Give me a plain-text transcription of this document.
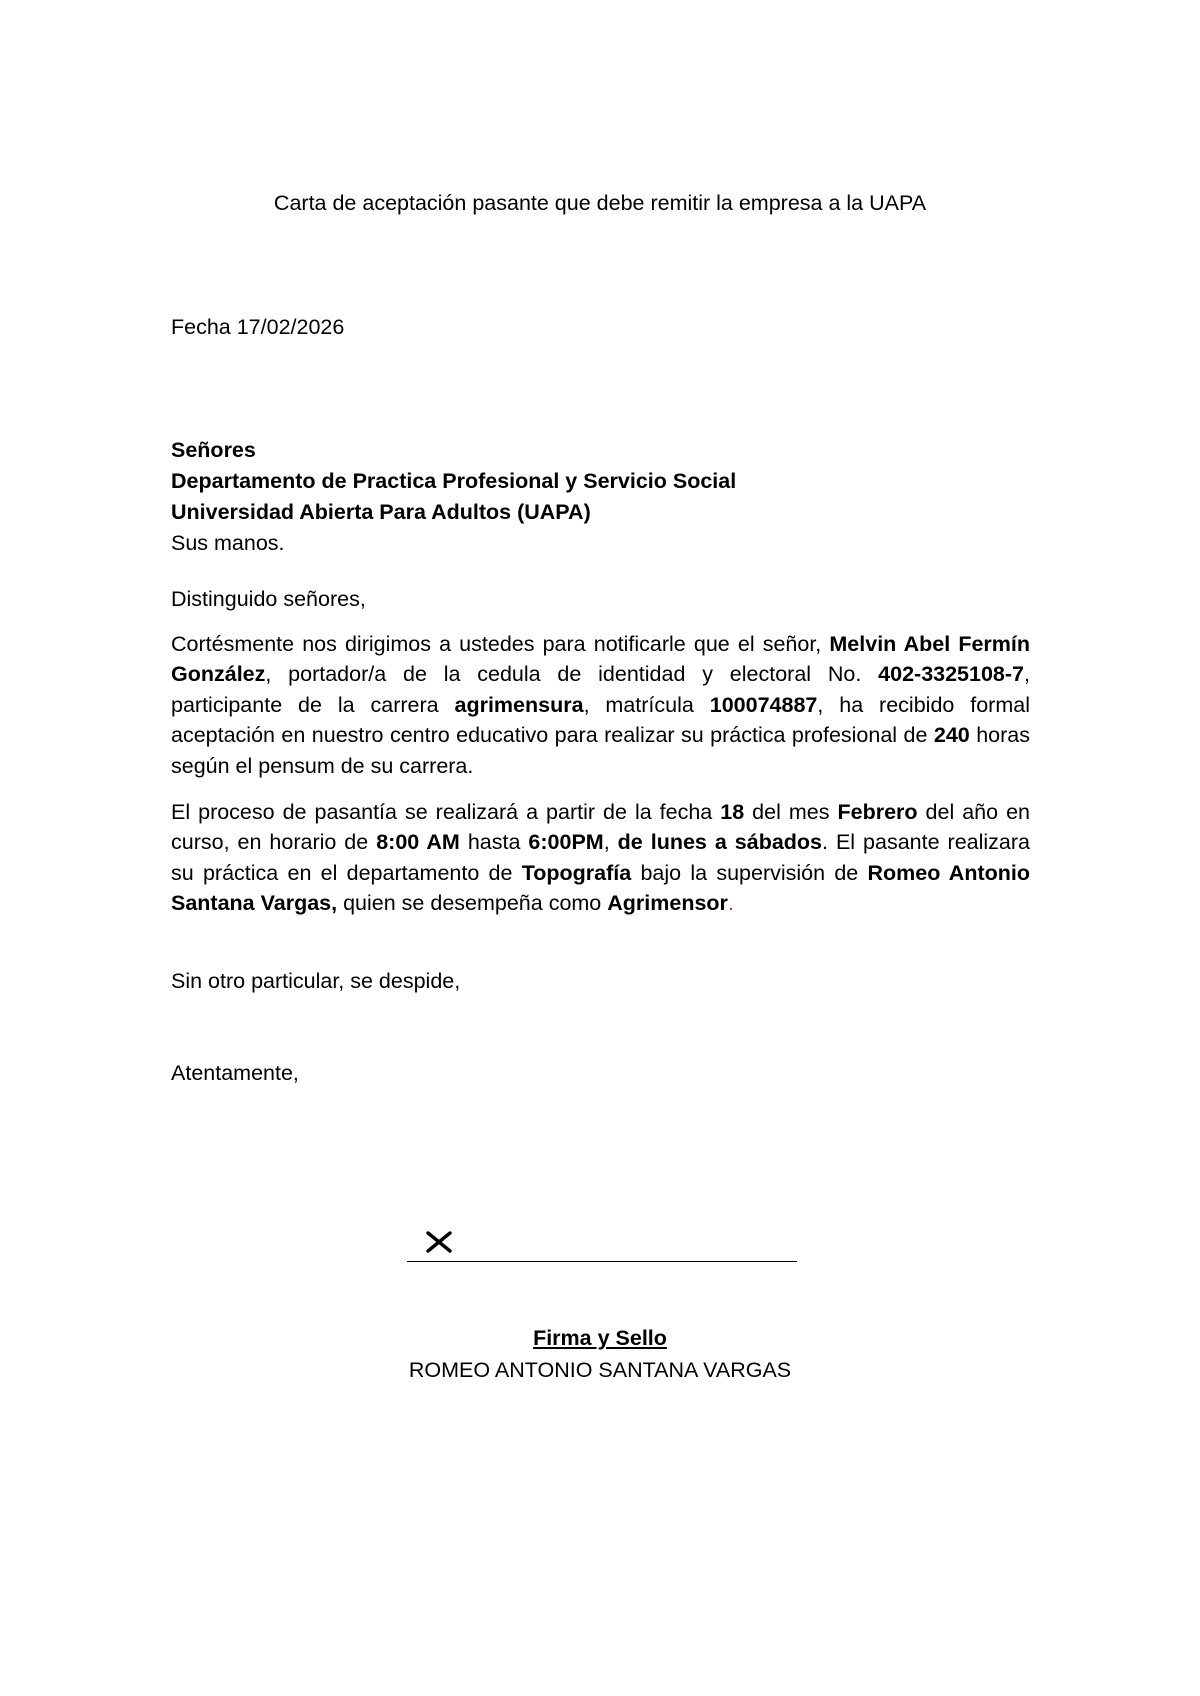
Carta de aceptación pasante que debe remitir la empresa a la UAPA
Fecha 17/02/2026
Señores
Departamento de Practica Profesional y Servicio Social
Universidad Abierta Para Adultos (UAPA)
Sus manos.
Distinguido señores,

Cortésmente nos dirigimos a ustedes para notificarle que el señor, Melvin Abel Fermín González, portador/a de la cedula de identidad y electoral No. 402-3325108-7, participante de la carrera agrimensura, matrícula 100074887, ha recibido formal aceptación en nuestro centro educativo para realizar su práctica profesional de 240 horas según el pensum de su carrera.

El proceso de pasantía se realizará a partir de la fecha 18 del mes Febrero del año en curso, en horario de 8:00 AM hasta 6:00PM, de lunes a sábados. El pasante realizara su práctica en el departamento de Topografía bajo la supervisión de Romeo Antonio Santana Vargas, quien se desempeña como Agrimensor.

Sin otro particular, se despide,
Atentamente,
Firma y Sello
ROMEO ANTONIO SANTANA VARGAS
